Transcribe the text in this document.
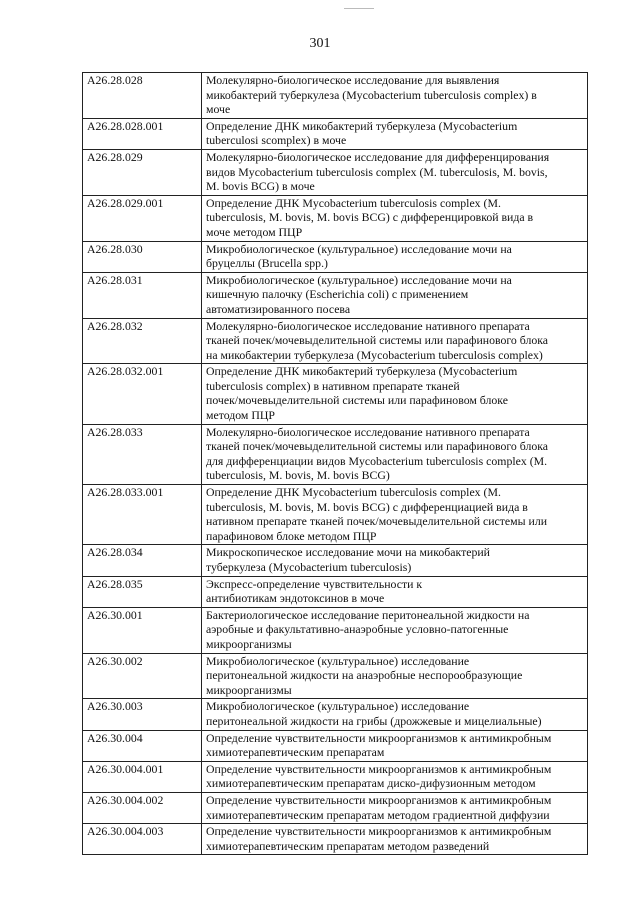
301
A26.28.028	Молекулярно-биологическое исследование для выявления
микобактерий туберкулеза (Mycobacterium tuberculosis complex) в
моче

A26.28.028.001	Определение ДНК микобактерий туберкулеза (Mycobacterium
tuberculosi scomplex) в моче

A26.28.029	Молекулярно-биологическое исследование для дифференцирования
видов Mycobacterium tuberculosis complex (M. tuberculosis, M. bovis,
M. bovis BCG) в моче

A26.28.029.001	Определение ДНК Mycobacterium tuberculosis complex (M.
tuberculosis, M. bovis, M. bovis BCG) с дифференцировкой вида в
моче методом ПЦР

A26.28.030	Микробиологическое (культуральное) исследование мочи на
бруцеллы (Brucella spp.)

A26.28.031	Микробиологическое (культуральное) исследование мочи на
кишечную палочку (Escherichia coli) с применением
автоматизированного посева

A26.28.032	Молекулярно-биологическое исследование нативного препарата
тканей почек/мочевыделительной системы или парафинового блока
на микобактерии туберкулеза (Mycobacterium tuberculosis complex)

A26.28.032.001	Определение ДНК микобактерий туберкулеза (Mycobacterium
tuberculosis complex) в нативном препарате тканей
почек/мочевыделительной системы или парафиновом блоке
методом ПЦР

A26.28.033	Молекулярно-биологическое исследование нативного препарата
тканей почек/мочевыделительной системы или парафинового блока
для дифференциации видов Mycobacterium tuberculosis complex (M.
tuberculosis, M. bovis, M. bovis BCG)

A26.28.033.001	Определение ДНК Mycobacterium tuberculosis complex (M.
tuberculosis, M. bovis, M. bovis BCG) с дифференциацией вида в
нативном препарате тканей почек/мочевыделительной системы или
парафиновом блоке методом ПЦР

A26.28.034	Микроскопическое исследование мочи на микобактерий
туберкулеза (Mycobacterium tuberculosis)

A26.28.035	Экспресс-определение чувствительности к
антибиотикам эндотоксинов в моче

A26.30.001	Бактериологическое исследование перитонеальной жидкости на
аэробные и факультативно-анаэробные условно-патогенные
микроорганизмы

A26.30.002	Микробиологическое (культуральное) исследование
перитонеальной жидкости на анаэробные неспорообразующие
микроорганизмы

A26.30.003	Микробиологическое (культуральное) исследование
перитонеальной жидкости на грибы (дрожжевые и мицелиальные)

A26.30.004	Определение чувствительности микроорганизмов к антимикробным
химиотерапевтическим препаратам

A26.30.004.001	Определение чувствительности микроорганизмов к антимикробным
химиотерапевтическим препаратам диско-дифузионным методом

A26.30.004.002	Определение чувствительности микроорганизмов к антимикробным
химиотерапевтическим препаратам методом градиентной диффузии

A26.30.004.003	Определение чувствительности микроорганизмов к антимикробным
химиотерапевтическим препаратам методом разведений
